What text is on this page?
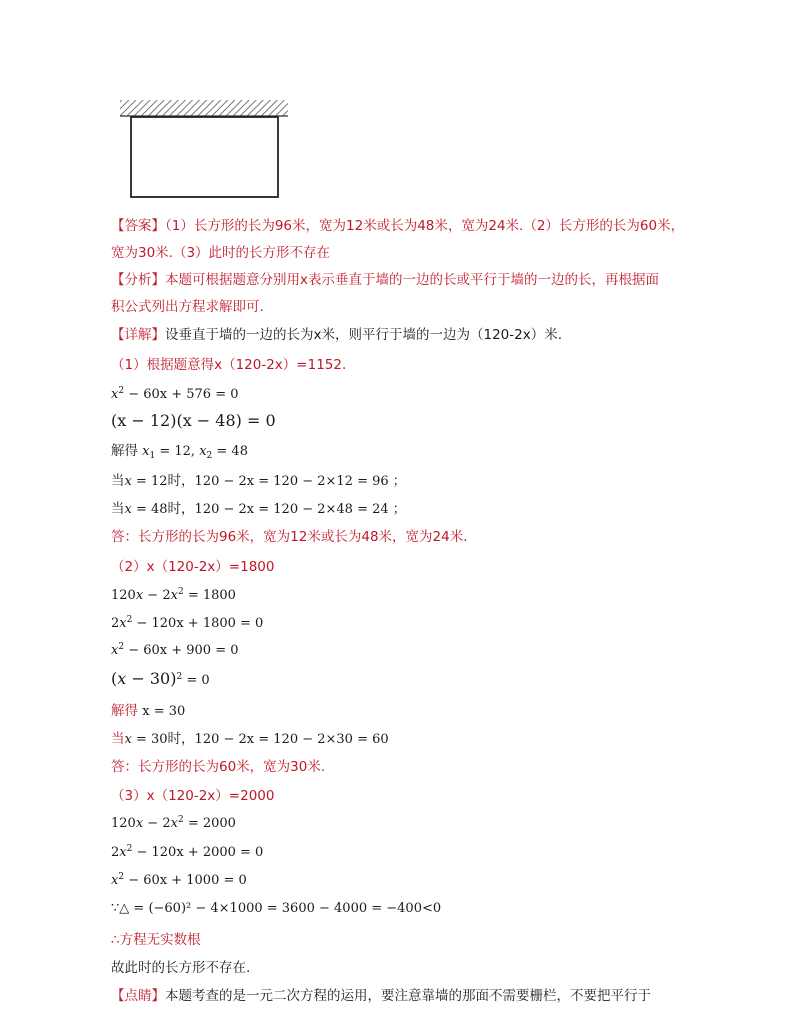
【答案】（1）长方形的长为96米，宽为12米或长为48米，宽为24米.（2）长方形的长为60米，
宽为30米.（3）此时的长方形不存在
【分析】本题可根据题意分别用x表示垂直于墙的一边的长或平行于墙的一边的长，再根据面
积公式列出方程求解即可.
【详解】设垂直于墙的一边的长为x米，则平行于墙的一边为（120-2x）米.
（1）根据题意得x（120-2x）=1152.
$x^2 - 60x + 576 = 0$
(x − 12)(x − 48) = 0
解得 $x_1 = 12$, $x_2 = 48$
当x = 12时，120 − 2x = 120 − 2×12 = 96 ；
当x = 48时，120 − 2x = 120 − 2×48 = 24 ；
答：长方形的长为96米，宽为12米或长为48米，宽为24米.
（2）x（120-2x）=1800
$120x - 2x^2 = 1800$
$2x^2 - 120x + 1800 = 0$
$x^2 - 60x + 900 = 0$
$(x - 30)^2 = 0$
解得 x = 30
当x = 30时，120 − 2x = 120 − 2×30 = 60
答：长方形的长为60米，宽为30米.
（3）x（120-2x）=2000
$120x - 2x^2 = 2000$
$2x^2 - 120x + 2000 = 0$
$x^2 - 60x + 1000 = 0$
∵△ = (−60)² − 4×1000 = 3600 − 4000 = −400<0
∴方程无实数根
故此时的长方形不存在.
【点睛】本题考查的是一元二次方程的运用，要注意靠墙的那面不需要栅栏，不要把平行于
